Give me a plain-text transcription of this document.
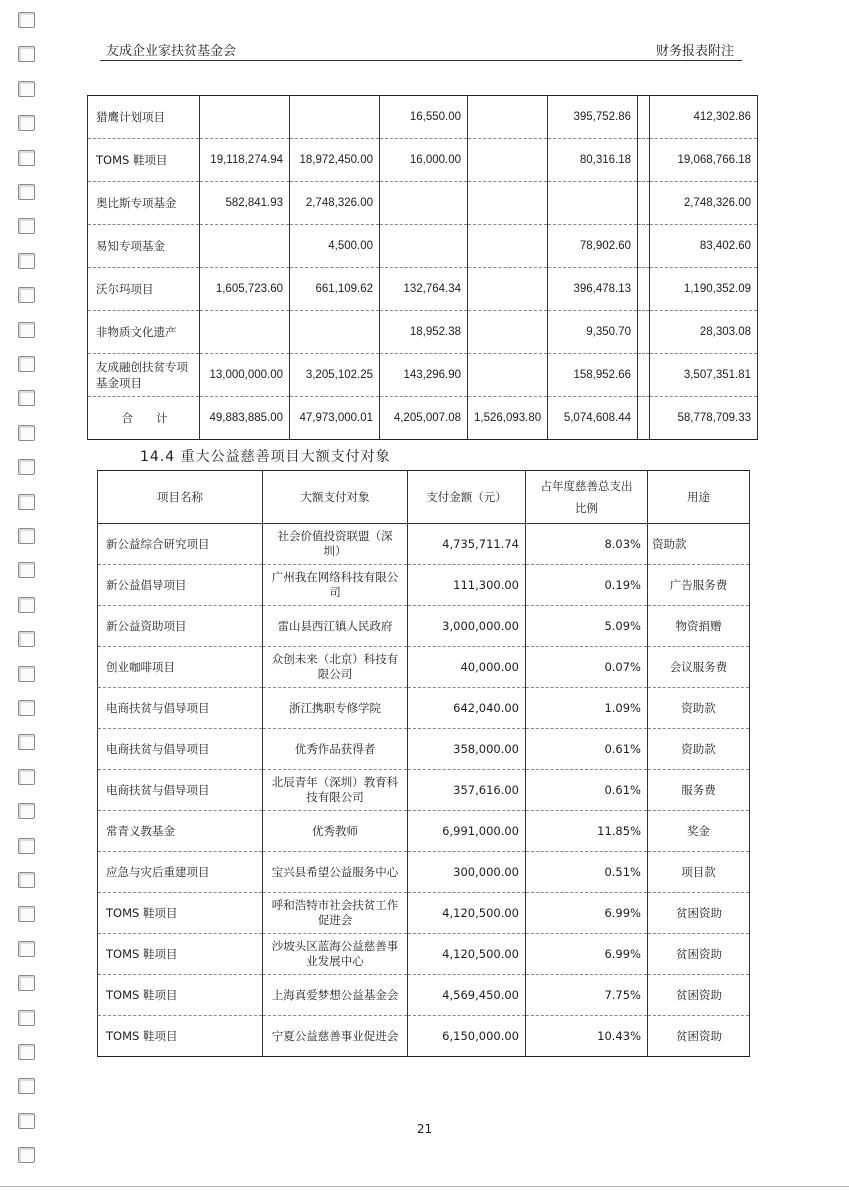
友成企业家扶贫基金会	财务报表附注
猎鹰计划项目			16,550.00		395,752.86		412,302.86
TOMS 鞋项目	19,118,274.94	18,972,450.00	16,000.00		80,316.18		19,068,766.18
奥比斯专项基金	582,841.93	2,748,326.00					2,748,326.00
易知专项基金		4,500.00			78,902.60		83,402.60
沃尔玛项目	1,605,723.60	661,109.62	132,764.34		396,478.13		1,190,352.09
非物质文化遗产			18,952.38		9,350.70		28,303.08
友成融创扶贫专项基金项目	13,000,000.00	3,205,102.25	143,296.90		158,952.66		3,507,351.81
合　　计	49,883,885.00	47,973,000.01	4,205,007.08	1,526,093.80	5,074,608.44		58,778,709.33
14.4 重大公益慈善项目大额支付对象
项目名称	大额支付对象	支付金额（元）	占年度慈善总支出比例	用途
新公益综合研究项目	社会价值投资联盟（深圳）	4,735,711.74	8.03%	资助款
新公益倡导项目	广州我在网络科技有限公司	111,300.00	0.19%	广告服务费
新公益资助项目	雷山县西江镇人民政府	3,000,000.00	5.09%	物资捐赠
创业咖啡项目	众创未来（北京）科技有限公司	40,000.00	0.07%	会议服务费
电商扶贫与倡导项目	浙江携职专修学院	642,040.00	1.09%	资助款
电商扶贫与倡导项目	优秀作品获得者	358,000.00	0.61%	资助款
电商扶贫与倡导项目	北辰青年（深圳）教育科技有限公司	357,616.00	0.61%	服务费
常青义教基金	优秀教师	6,991,000.00	11.85%	奖金
应急与灾后重建项目	宝兴县希望公益服务中心	300,000.00	0.51%	项目款
TOMS 鞋项目	呼和浩特市社会扶贫工作促进会	4,120,500.00	6.99%	贫困资助
TOMS 鞋项目	沙坡头区蓝海公益慈善事业发展中心	4,120,500.00	6.99%	贫困资助
TOMS 鞋项目	上海真爱梦想公益基金会	4,569,450.00	7.75%	贫困资助
TOMS 鞋项目	宁夏公益慈善事业促进会	6,150,000.00	10.43%	贫困资助
21
